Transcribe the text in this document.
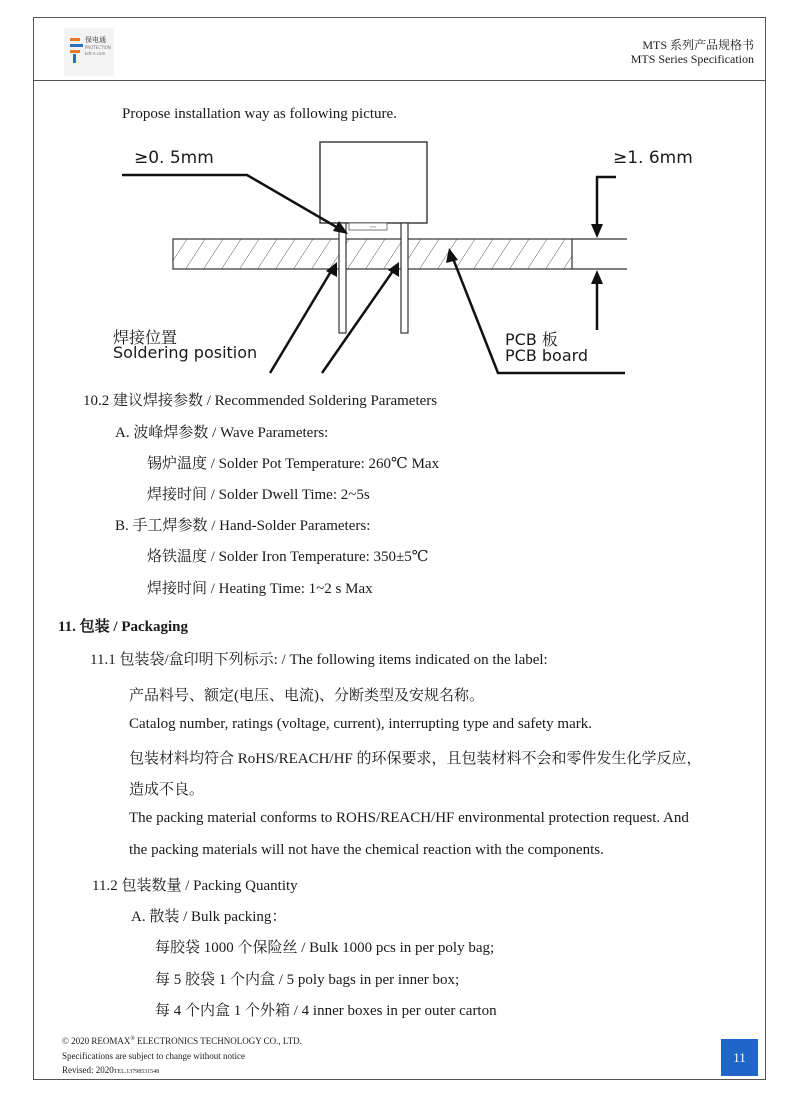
保电通
PROTECTION
bdt-e.com
MTS 系列产品规格书
MTS Series Specification
Propose installation way as following picture.
≥0. 5mm	≥1. 6mm
MTS
焊接位置
Soldering position
PCB 板
PCB board
10.2 建议焊接参数 / Recommended Soldering Parameters
A. 波峰焊参数 / Wave Parameters:
锡炉温度 / Solder Pot Temperature: 260℃ Max
焊接时间 / Solder Dwell Time: 2~5s
B. 手工焊参数 / Hand-Solder Parameters:
烙铁温度 / Solder Iron Temperature: 350±5℃
焊接时间 / Heating Time: 1~2 s Max
11. 包装 / Packaging
11.1 包装袋/盒印明下列标示: / The following items indicated on the label:
产品料号、额定(电压、电流)、分断类型及安规名称。
Catalog number, ratings (voltage, current), interrupting type and safety mark.
包装材料均符合 RoHS/REACH/HF 的环保要求，且包装材料不会和零件发生化学反应，
造成不良。
The packing material conforms to ROHS/REACH/HF environmental protection request. And
the packing materials will not have the chemical reaction with the components.
11.2 包装数量 / Packing Quantity
A. 散装 / Bulk packing：
每胶袋 1000 个保险丝 / Bulk 1000 pcs in per poly bag;
每 5 胶袋 1 个内盒 / 5 poly bags in per inner box;
每 4 个内盒 1 个外箱 / 4 inner boxes in per outer carton
© 2020 REOMAX® ELECTRONICS TECHNOLOGY CO., LTD.
Specifications are subject to change without notice
Revised: 2020TEL.13798531548
11
